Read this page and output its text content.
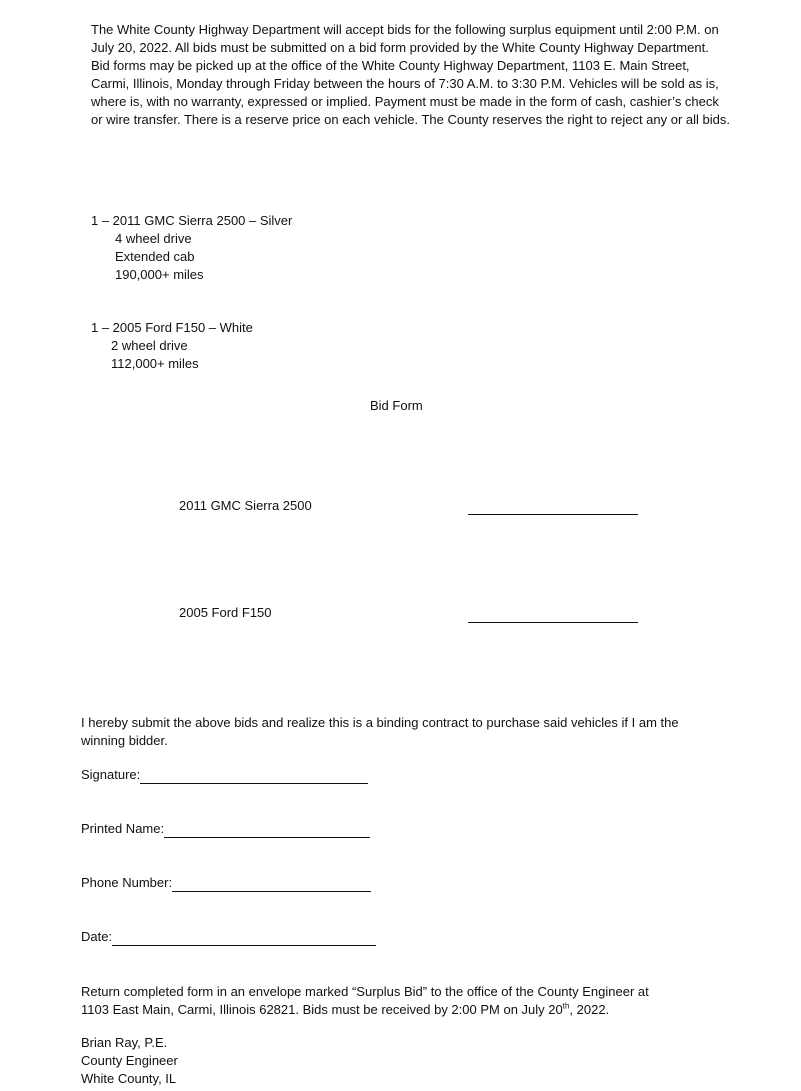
The White County Highway Department will accept bids for the following surplus equipment until 2:00 P.M. on July 20, 2022. All bids must be submitted on a bid form provided by the White County Highway Department. Bid forms may be picked up at the office of the White County Highway Department, 1103 E. Main Street, Carmi, Illinois, Monday through Friday between the hours of 7:30 A.M. to 3:30 P.M. Vehicles will be sold as is, where is, with no warranty, expressed or implied. Payment must be made in the form of cash, cashier’s check or wire transfer. There is a reserve price on each vehicle. The County reserves the right to reject any or all bids.
1 – 2011 GMC Sierra 2500 – Silver
4 wheel drive
Extended cab
190,000+ miles
1 – 2005 Ford F150 – White
2 wheel drive
112,000+ miles
Bid Form
2011 GMC Sierra 2500
2005 Ford F150
I hereby submit the above bids and realize this is a binding contract to purchase said vehicles if I am the winning bidder.
Signature:
Printed Name:
Phone Number:
Date:
Return completed form in an envelope marked “Surplus Bid” to the office of the County Engineer at
1103 East Main, Carmi, Illinois 62821. Bids must be received by 2:00 PM on July 20th, 2022.
Brian Ray, P.E.
County Engineer
White County, IL
